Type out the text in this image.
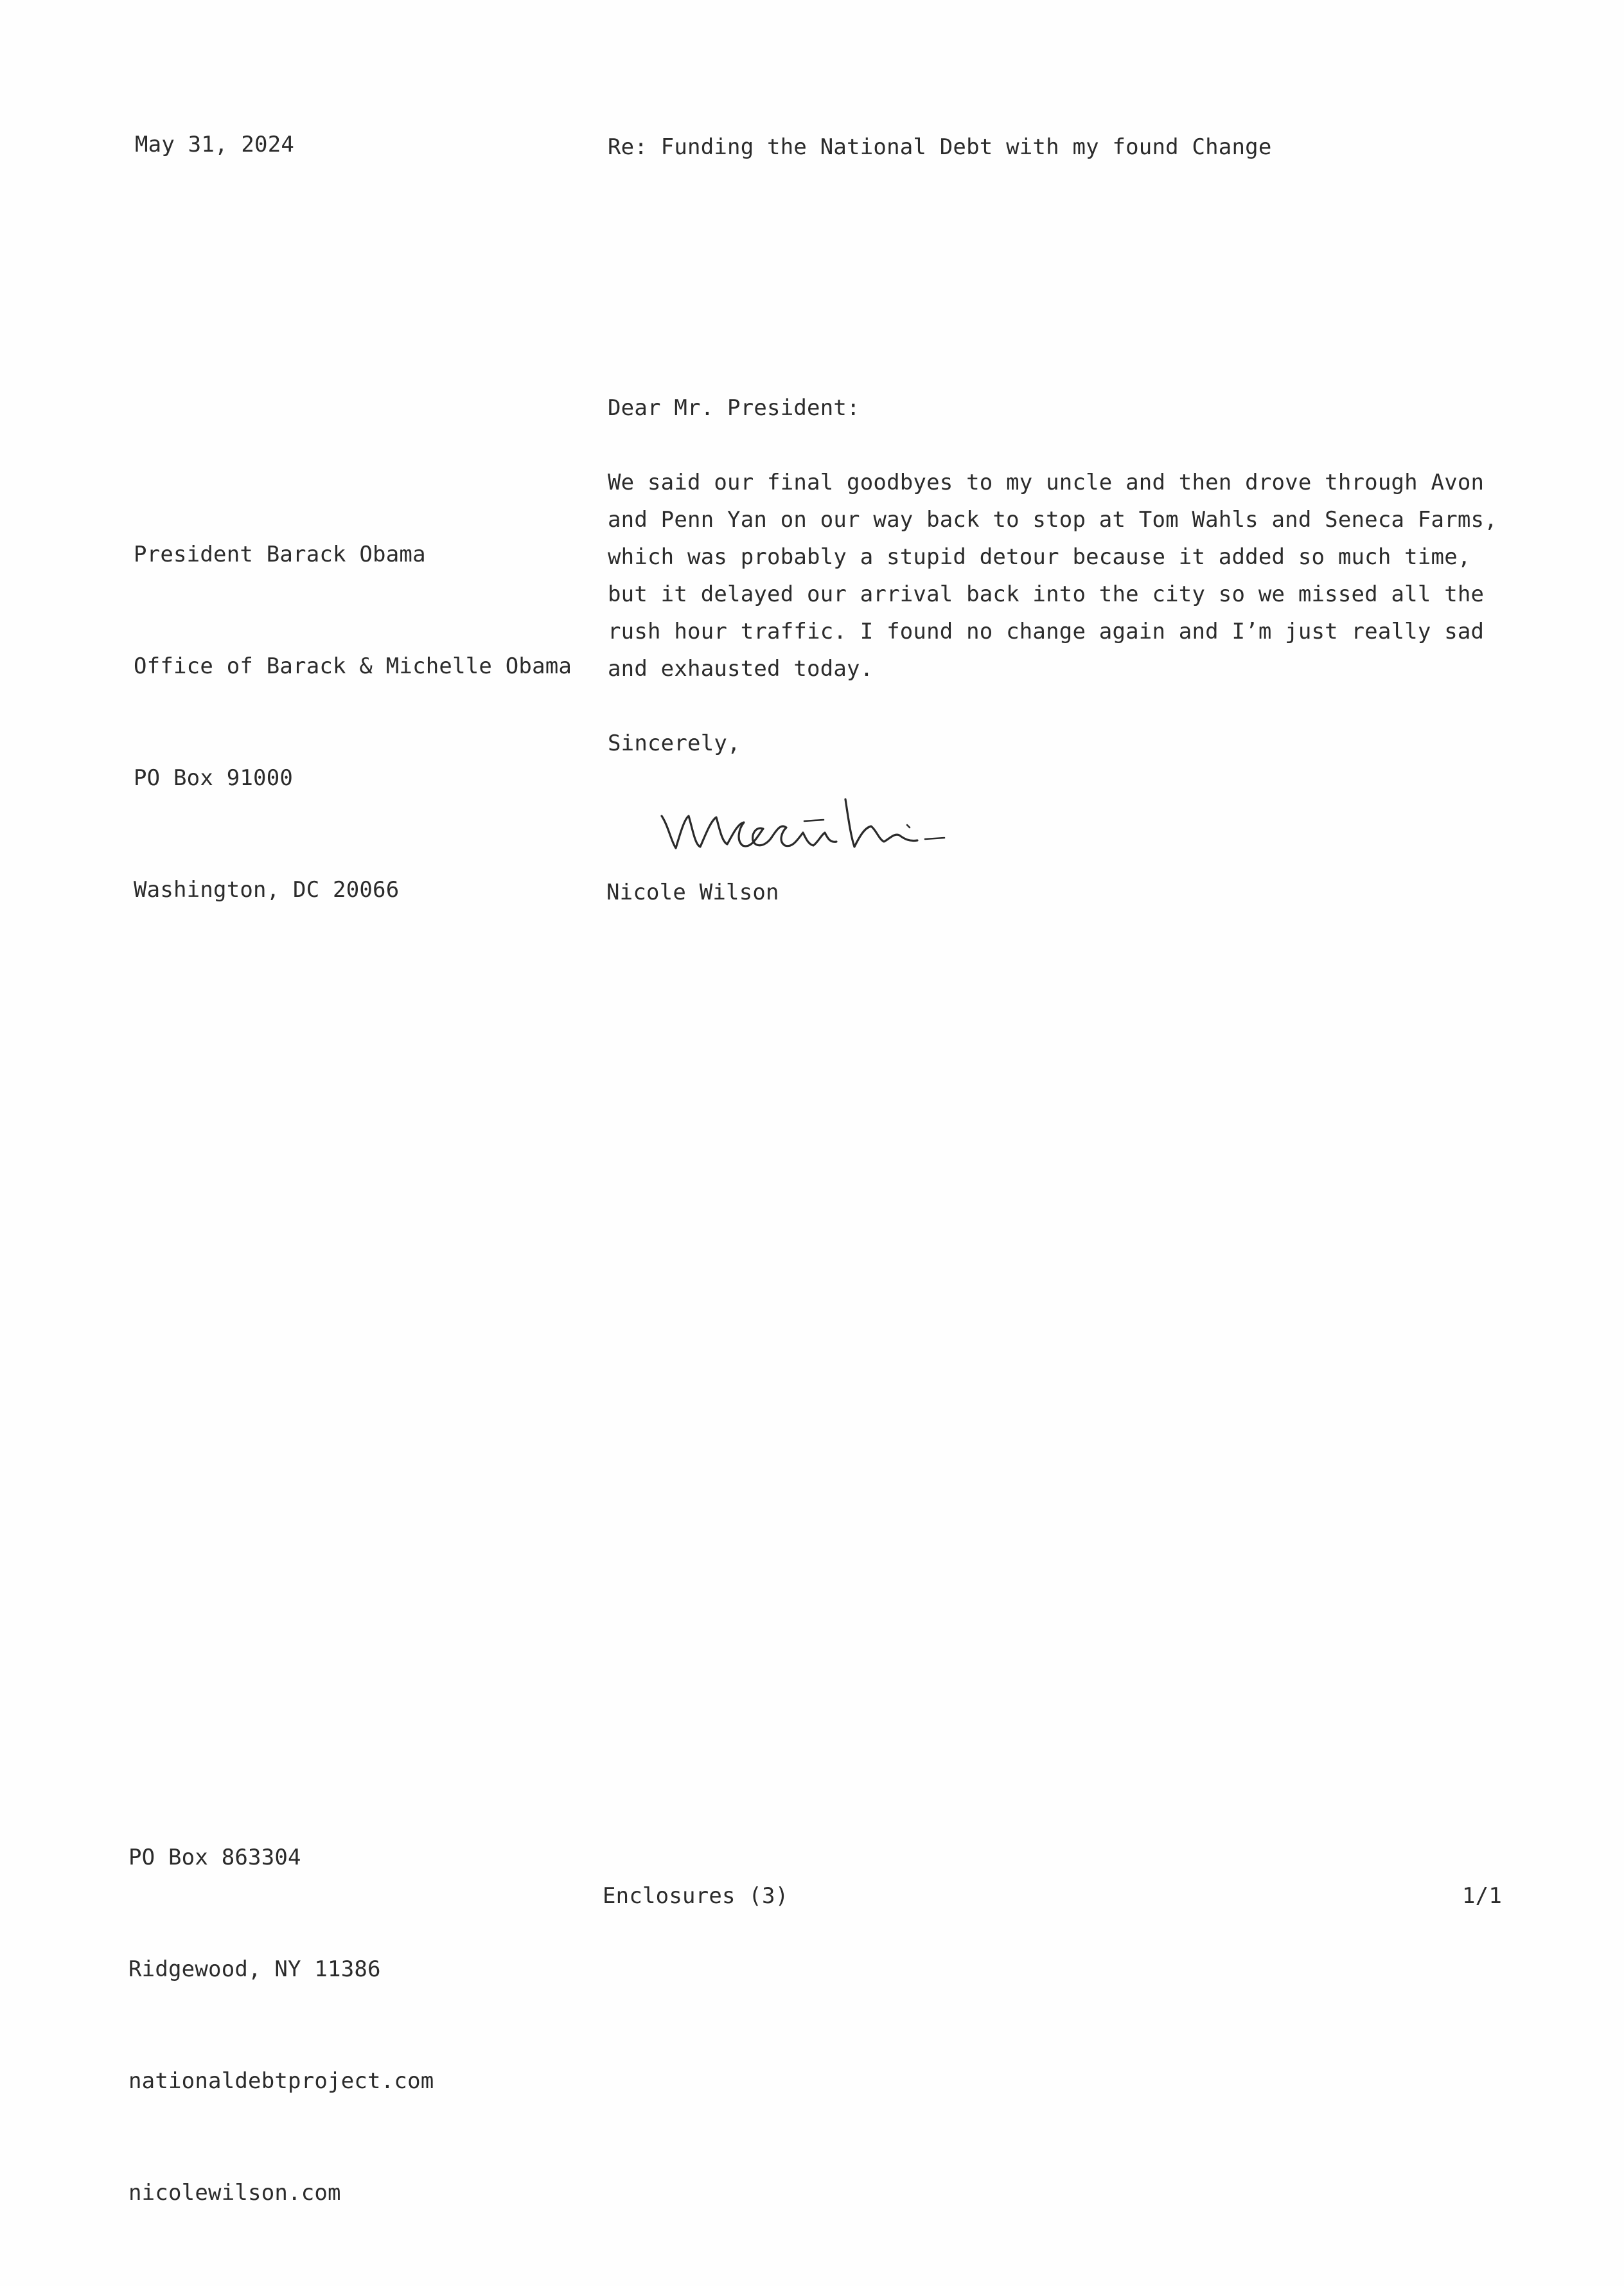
May 31, 2024	Re: Funding the National Debt with my found Change
Dear Mr. President:

President Barack Obama

Office of Barack & Michelle Obama

PO Box 91000

Washington, DC 20066

We said our final goodbyes to my uncle and then drove through Avon
and Penn Yan on our way back to stop at Tom Wahls and Seneca Farms,
which was probably a stupid detour because it added so much time,
but it delayed our arrival back into the city so we missed all the
rush hour traffic. I found no change again and I’m just really sad
and exhausted today.
Sincerely,
Nicole Wilson

PO Box 863304

Ridgewood, NY 11386

nationaldebtproject.com

nicolewilson.com

Enclosures (3)	1/1
